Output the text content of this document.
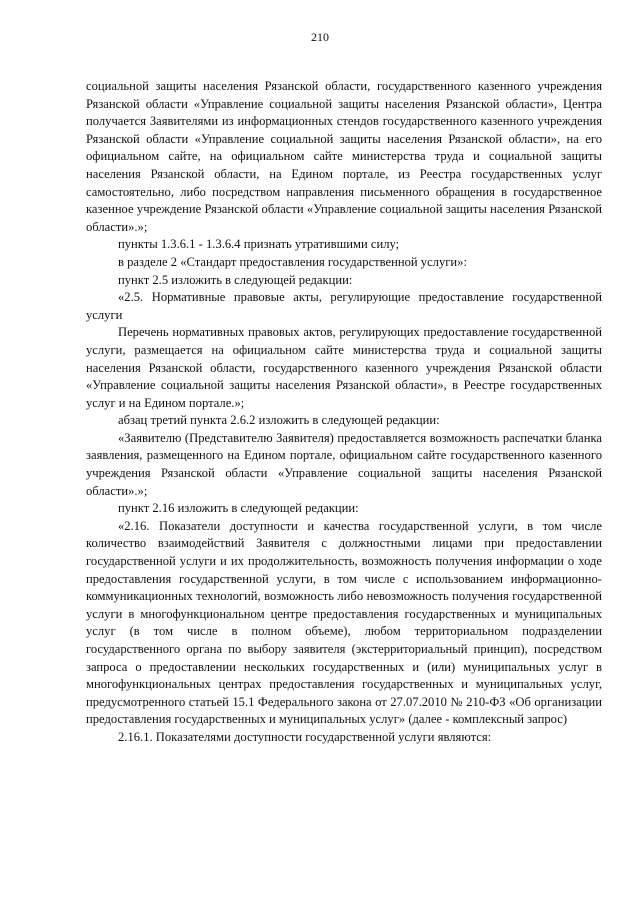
210

социальной защиты населения Рязанской области, государственного казенного учреждения Рязанской области «Управление социальной защиты населения Рязанской области», Центра получается Заявителями из информационных стендов государственного казенного учреждения Рязанской области «Управление социальной защиты населения Рязанской области», на его официальном сайте, на официальном сайте министерства труда и социальной защиты населения Рязанской области, на Едином портале, из Реестра государственных услуг самостоятельно, либо посредством направления письменного обращения в государственное казенное учреждение Рязанской области «Управление социальной защиты населения Рязанской области».»;

пункты 1.3.6.1 - 1.3.6.4 признать утратившими силу;

в разделе 2 «Стандарт предоставления государственной услуги»:

пункт 2.5 изложить в следующей редакции:

«2.5. Нормативные правовые акты, регулирующие предоставление государственной услуги

Перечень нормативных правовых актов, регулирующих предоставление государственной услуги, размещается на официальном сайте министерства труда и социальной защиты населения Рязанской области, государственного казенного учреждения Рязанской области «Управление социальной защиты населения Рязанской области», в Реестре государственных услуг и на Едином портале.»;

абзац третий пункта 2.6.2 изложить в следующей редакции:

«Заявителю (Представителю Заявителя) предоставляется возможность распечатки бланка заявления, размещенного на Едином портале, официальном сайте государственного казенного учреждения Рязанской области «Управление социальной защиты населения Рязанской области».»;

пункт 2.16 изложить в следующей редакции:

«2.16. Показатели доступности и качества государственной услуги, в том числе количество взаимодействий Заявителя с должностными лицами при предоставлении государственной услуги и их продолжительность, возможность получения информации о ходе предоставления государственной услуги, в том числе с использованием информационно-коммуникационных технологий, возможность либо невозможность получения государственной услуги в многофункциональном центре предоставления государственных и муниципальных услуг (в том числе в полном объеме), любом территориальном подразделении государственного органа по выбору заявителя (экстерриториальный принцип), посредством запроса о предоставлении нескольких государственных и (или) муниципальных услуг в многофункциональных центрах предоставления государственных и муниципальных услуг, предусмотренного статьей 15.1 Федерального закона от 27.07.2010 № 210-ФЗ «Об организации предоставления государственных и муниципальных услуг» (далее - комплексный запрос)

2.16.1. Показателями доступности государственной услуги являются:
